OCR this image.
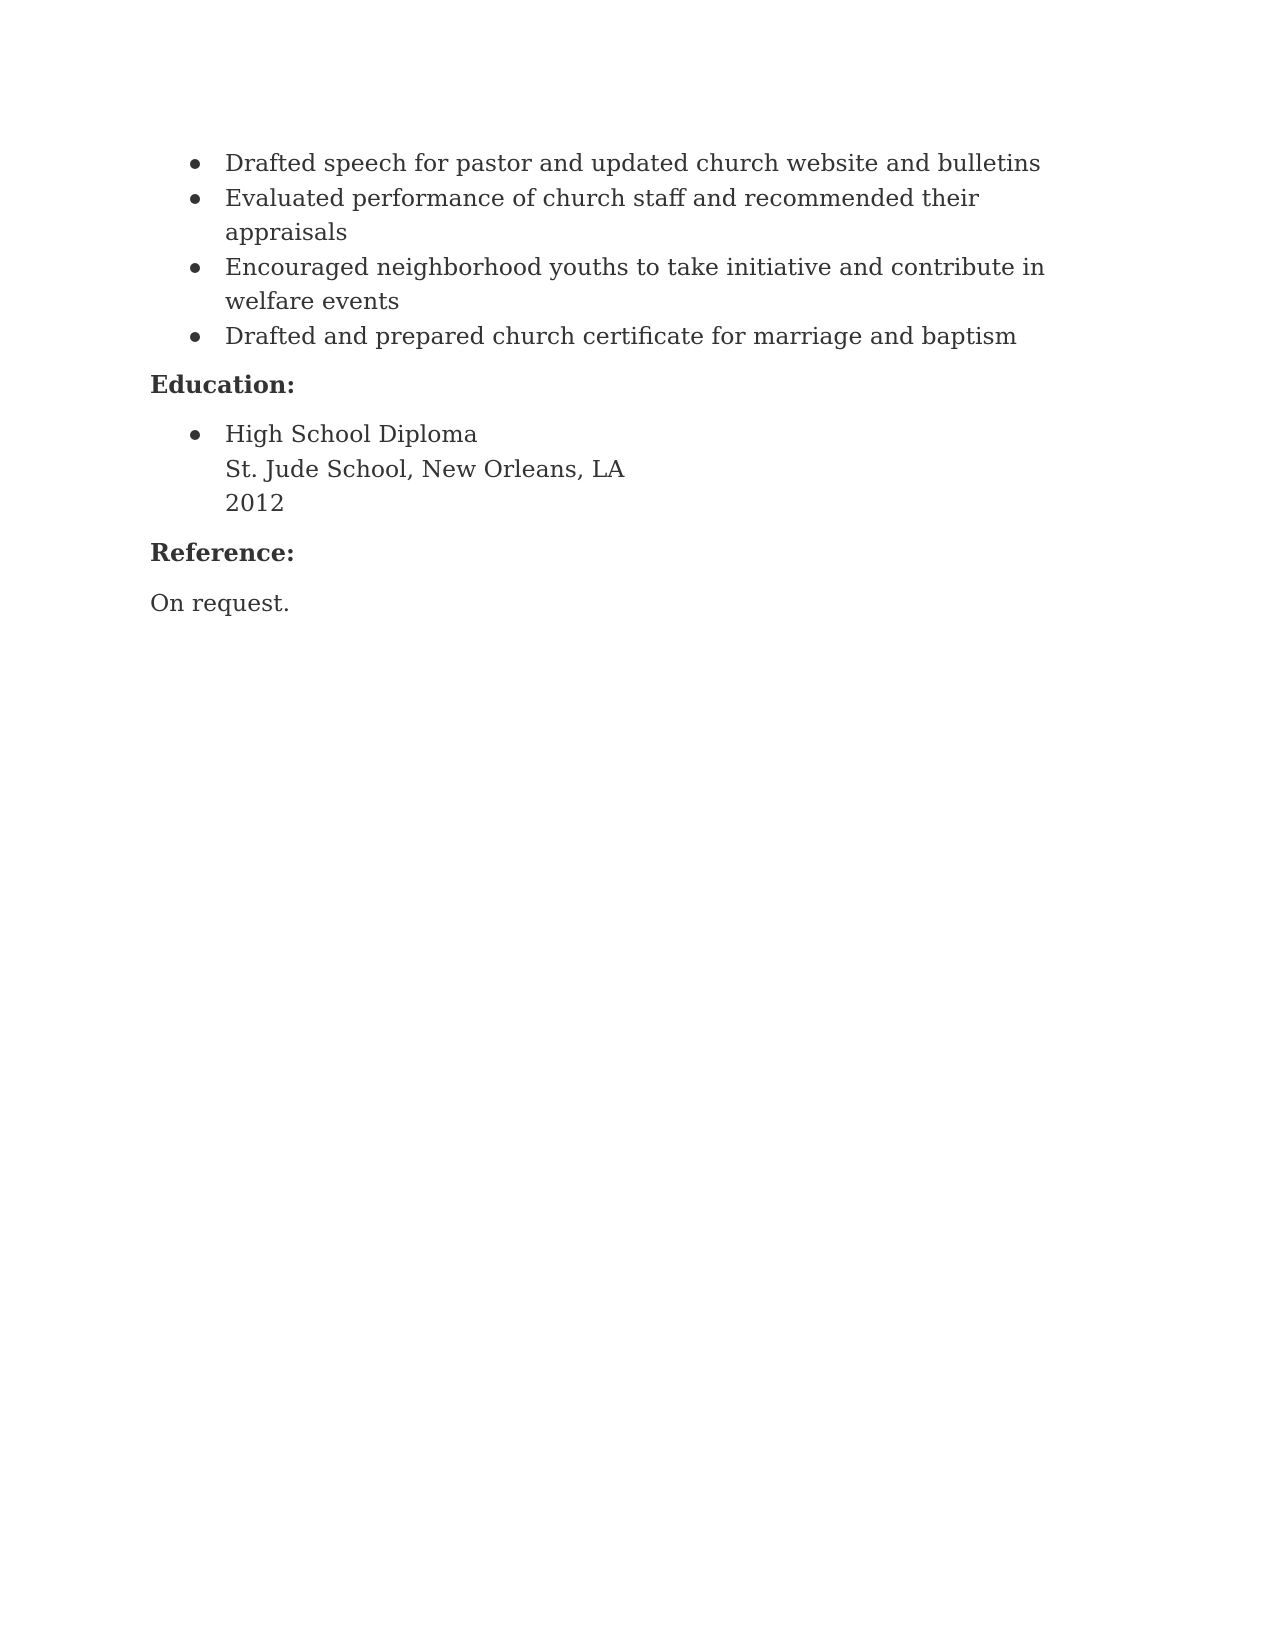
Drafted speech for pastor and updated church website and bulletins
Evaluated performance of church staff and recommended their appraisals
Encouraged neighborhood youths to take initiative and contribute in welfare events
Drafted and prepared church certificate for marriage and baptism
Education:
High School Diploma
St. Jude School, New Orleans, LA
2012
Reference:

On request.
